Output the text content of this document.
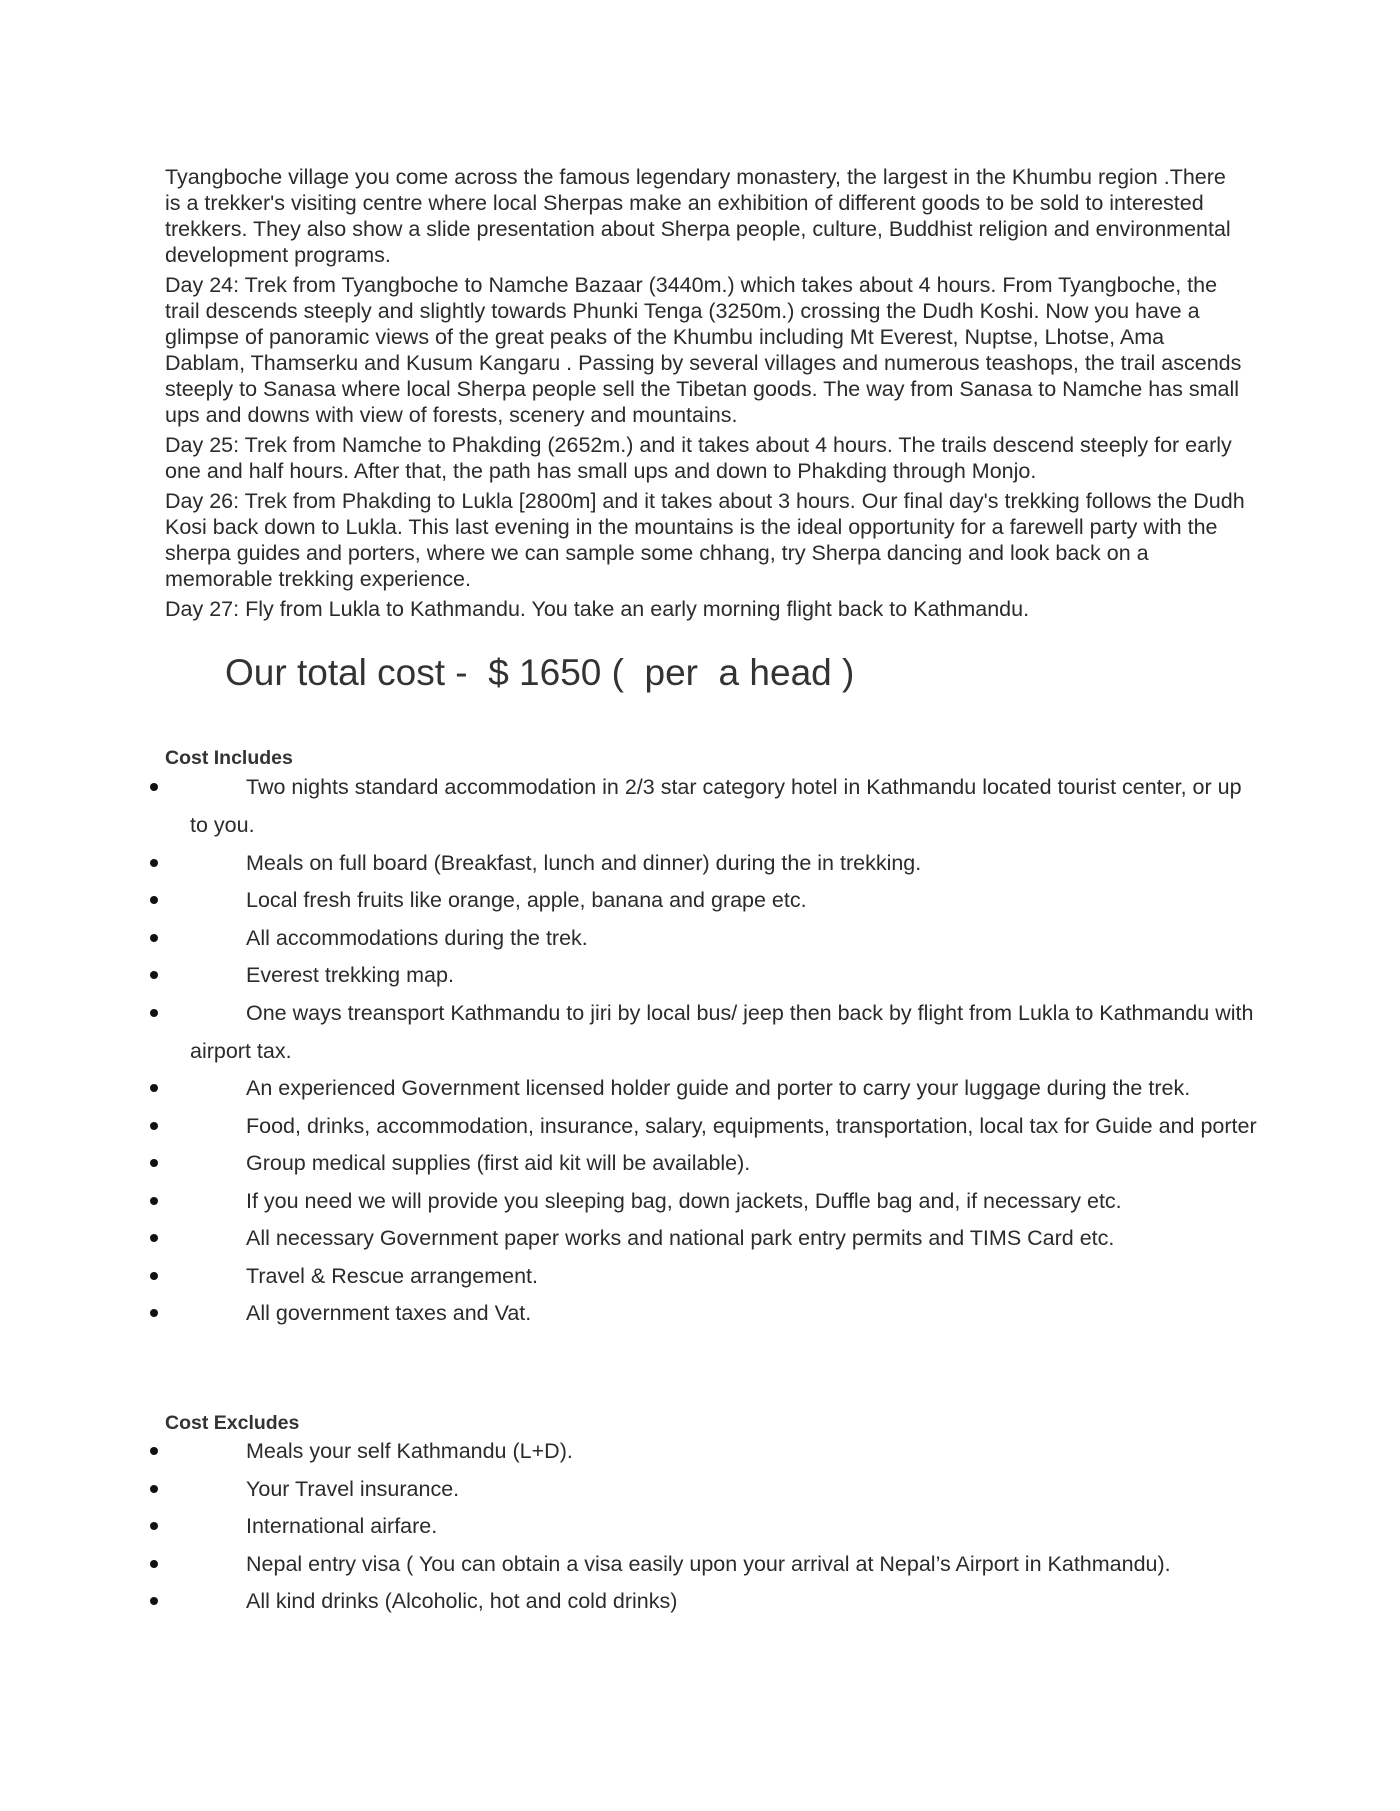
Tyangboche village you come across the famous legendary monastery, the largest in the Khumbu region .There is a trekker's visiting centre where local Sherpas make an exhibition of different goods to be sold to interested trekkers. They also show a slide presentation about Sherpa people, culture, Buddhist religion and environmental development programs.

Day 24: Trek from Tyangboche to Namche Bazaar (3440m.) which takes about 4 hours. From Tyangboche, the trail descends steeply and slightly towards Phunki Tenga (3250m.) crossing the Dudh Koshi. Now you have a glimpse of panoramic views of the great peaks of the Khumbu including Mt Everest, Nuptse, Lhotse, Ama Dablam, Thamserku and Kusum Kangaru . Passing by several villages and numerous teashops, the trail ascends steeply to Sanasa where local Sherpa people sell the Tibetan goods. The way from Sanasa to Namche has small ups and downs with view of forests, scenery and mountains.

Day 25: Trek from Namche to Phakding (2652m.) and it takes about 4 hours. The trails descend steeply for early one and half hours. After that, the path has small ups and down to Phakding through Monjo.

Day 26: Trek from Phakding to Lukla [2800m] and it takes about 3 hours. Our final day's trekking follows the Dudh Kosi back down to Lukla. This last evening in the mountains is the ideal opportunity for a farewell party with the sherpa guides and porters, where we can sample some chhang, try Sherpa dancing and look back on a memorable trekking experience.

Day 27: Fly from Lukla to Kathmandu. You take an early morning flight back to Kathmandu.

Our total cost -  $ 1650 (  per  a head )
Cost Includes
Two nights standard accommodation in 2/3 star category hotel in Kathmandu located tourist center, or up to you.
Meals on full board (Breakfast, lunch and dinner) during the in trekking.
Local fresh fruits like orange, apple, banana and grape etc.
All accommodations during the trek.
Everest trekking map.
One ways treansport Kathmandu to jiri by local bus/ jeep then back by flight from Lukla to Kathmandu with airport tax.
An experienced Government licensed holder guide and porter to carry your luggage during the trek.
Food, drinks, accommodation, insurance, salary, equipments, transportation, local tax for Guide and porter
Group medical supplies (first aid kit will be available).
If you need we will provide you sleeping bag, down jackets, Duffle bag and, if necessary etc.
All necessary Government paper works and national park entry permits and TIMS Card etc.
Travel & Rescue arrangement.
All government taxes and Vat.
Cost Excludes
Meals your self Kathmandu (L+D).
Your Travel insurance.
International airfare.
Nepal entry visa ( You can obtain a visa easily upon your arrival at Nepal’s Airport in Kathmandu).
All kind drinks (Alcoholic, hot and cold drinks)
